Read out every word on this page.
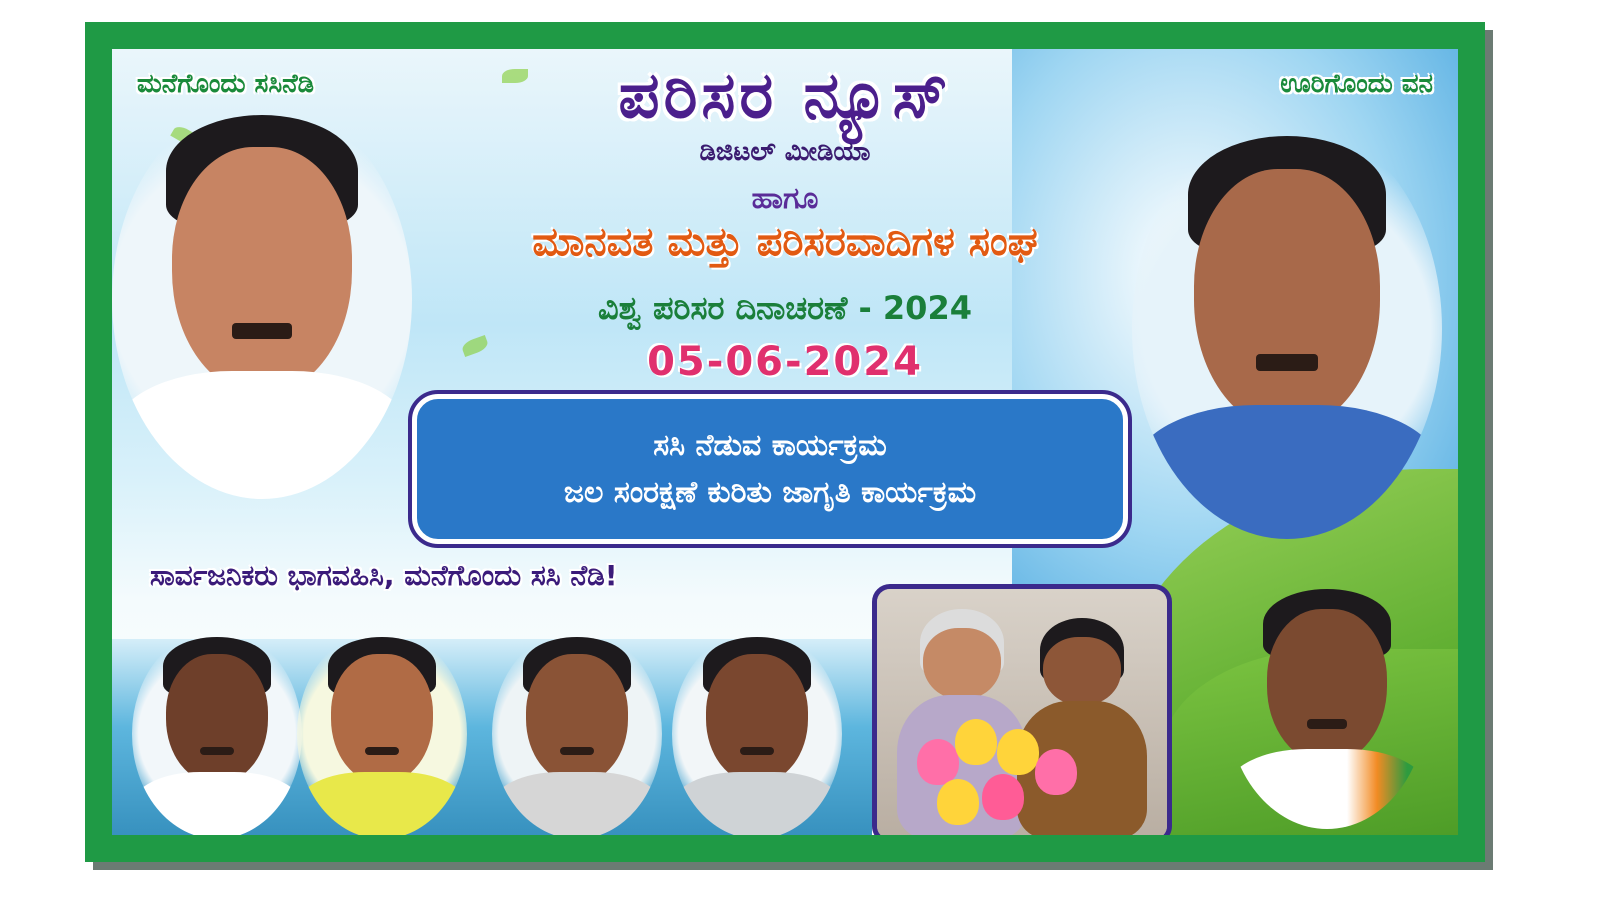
ಮನೆಗೊಂದು ಸಸಿನೆಡಿ	ಊರಿಗೊಂದು ವನ
ಪರಿಸರ ನ್ಯೂಸ್
ಡಿಜಿಟಲ್ ಮೀಡಿಯಾ
ಹಾಗೂ
ಮಾನವತ ಮತ್ತು ಪರಿಸರವಾದಿಗಳ ಸಂಘ
ವಿಶ್ವ ಪರಿಸರ ದಿನಾಚರಣೆ - 2024
05-06-2024
ಸಸಿ ನೆಡುವ ಕಾರ್ಯಕ್ರಮ
ಜಲ ಸಂರಕ್ಷಣೆ ಕುರಿತು ಜಾಗೃತಿ ಕಾರ್ಯಕ್ರಮ
ಸಾರ್ವಜನಿಕರು ಭಾಗವಹಿಸಿ, ಮನೆಗೊಂದು ಸಸಿ ನೆಡಿ!
